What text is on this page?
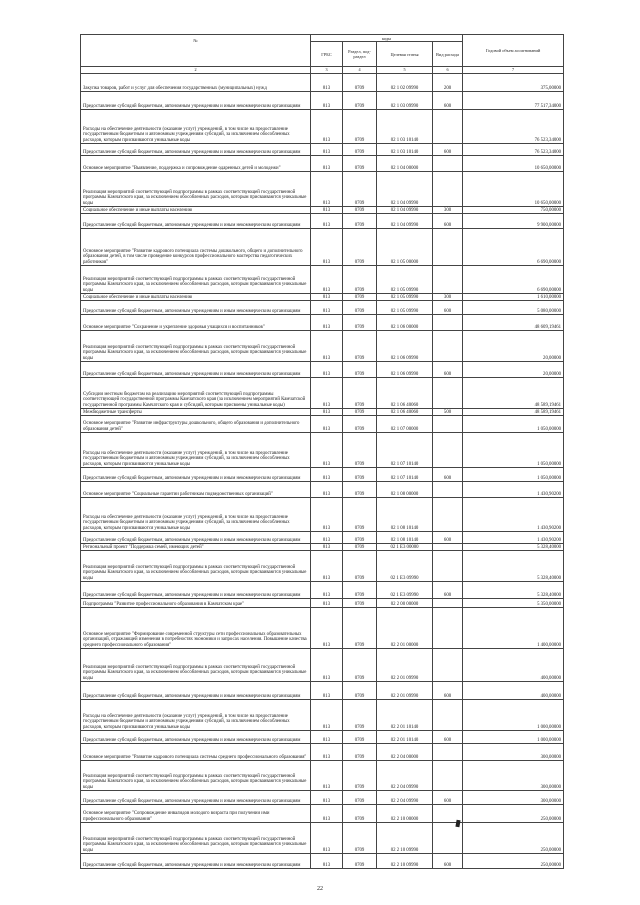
№	коды				Годовой объем ассигнований
	ГРБС	Раздел, под-раздел	Целевая статья	Вид расхода	
2	3	4	5	6	7
Закупка товаров, работ и услуг для обеспечения государственных (муниципальных) нужд	813	0709	02 1 02 09990	200	375,00000
Предоставление субсидий бюджетным, автономным учреждениям и иным некоммерческим организациям	813	0709	02 1 03 09990	600	77 517,34000
Расходы на обеспечение деятельности (оказание услуг) учреждений, в том числе на предоставление государственным бюджетным и автономным учреждениям субсидий, за исключением обособленных расходов, которым присваиваются уникальные коды	813	0709	02 1 03 10140		76 523,34000
Предоставление субсидий бюджетным, автономным учреждениям и иным некоммерческим организациям	813	0709	02 1 03 10140	600	76 523,34000
Основное мероприятие "Выявление, поддержка и сопровождение одаренных детей и молодежи"	813	0709	02 1 04 00000		10 650,00000
Реализация мероприятий соответствующей подпрограммы в рамках соответствующей государственной программы Камчатского края, за исключением обособленных расходов, которым присваиваются уникальные коды	813	0709	02 1 04 09990		10 650,00000
Социальное обеспечение и иные выплаты населению	813	0709	02 1 04 09990	300	750,00000
Предоставление субсидий бюджетным, автономным учреждениям и иным некоммерческим организациям	813	0709	02 1 04 09990	600	9 900,00000
Основное мероприятие "Развитие кадрового потенциала системы дошкольного, общего и дополнительного образования детей, в том числе проведение конкурсов профессионального мастерства педагогических работников"	813	0709	02 1 05 00000		6 690,00000
Реализация мероприятий соответствующей подпрограммы в рамках соответствующей государственной программы Камчатского края, за исключением обособленных расходов, которым присваиваются уникальные коды	813	0709	02 1 05 09990		6 690,00000
Социальное обеспечение и иные выплаты населению	813	0709	02 1 05 09990	300	1 610,00000
Предоставление субсидий бюджетным, автономным учреждениям и иным некоммерческим организациям	813	0709	02 1 05 09990	600	5 080,00000
Основное мероприятие "Сохранение и укрепление здоровья учащихся и воспитанников"	813	0709	02 1 06 00000		48 609,19461
Реализация мероприятий соответствующей подпрограммы в рамках соответствующей государственной программы Камчатского края, за исключением обособленных расходов, которым присваиваются уникальные коды	813	0709	02 1 06 09990		20,00000
Предоставление субсидий бюджетным, автономным учреждениям и иным некоммерческим организациям	813	0709	02 1 06 09990	600	20,00000
Субсидии местным бюджетам на реализацию мероприятий соответствующей подпрограммы соответствующей государственной программы Камчатского края (за исключением мероприятий Камчатской государственной программы Камчатского края и субсидий, которым присвоены уникальные коды)	813	0709	02 1 06 40060		48 589,19461
Межбюджетные трансферты	813	0709	02 1 06 40060	500	48 589,19461
Основное мероприятие "Развитие инфраструктуры дошкольного, общего образования и дополнительного образования детей"	813	0709	02 1 07 00000		1 050,00000
Расходы на обеспечение деятельности (оказание услуг) учреждений, в том числе на предоставление государственным бюджетным и автономным учреждениям субсидий, за исключением обособленных расходов, которым присваиваются уникальные коды	813	0709	02 1 07 10140		1 050,00000
Предоставление субсидий бюджетным, автономным учреждениям и иным некоммерческим организациям	813	0709	02 1 07 10140	600	1 050,00000
Основное мероприятие "Социальные гарантии работникам подведомственных организаций"	813	0709	02 1 08 00000		1 430,90200
Расходы на обеспечение деятельности (оказание услуг) учреждений, в том числе на предоставление государственным бюджетным и автономным учреждениям субсидий, за исключением обособленных расходов, которым присваиваются уникальные коды	813	0709	02 1 08 10140		1 430,90200
Предоставление субсидий бюджетным, автономным учреждениям и иным некоммерческим организациям	813	0709	02 1 08 10140	600	1 430,90200
Региональный проект "Поддержка семей, имеющих детей"	813	0709	02 1 Е3 00000		5 328,40000
Реализация мероприятий соответствующей подпрограммы в рамках соответствующей государственной программы Камчатского края, за исключением обособленных расходов, которым присваиваются уникальные коды	813	0709	02 1 Е3 09990		5 328,40000
Предоставление субсидий бюджетным, автономным учреждениям и иным некоммерческим организациям	813	0709	02 1 Е3 09990	600	5 328,40000
Подпрограмма "Развитие профессионального образования в Камчатском крае"	813	0709	02 2 00 00000		5 350,00000
Основное мероприятие "Формирование современной структуры сети профессиональных образовательных организаций, отражающей изменения в потребностях экономики и запросах населения. Повышение качества среднего профессионального образования"	813	0709	02 2 01 00000		1 400,00000
Реализация мероприятий соответствующей подпрограммы в рамках соответствующей государственной программы Камчатского края, за исключением обособленных расходов, которым присваиваются уникальные коды	813	0709	02 2 01 09990		400,00000
Предоставление субсидий бюджетным, автономным учреждениям и иным некоммерческим организациям	813	0709	02 2 01 09990	600	400,00000
Расходы на обеспечение деятельности (оказание услуг) учреждений, в том числе на предоставление государственным бюджетным и автономным учреждениям субсидий, за исключением обособленных расходов, которым присваиваются уникальные коды	813	0709	02 2 01 10140		1 000,00000
Предоставление субсидий бюджетным, автономным учреждениям и иным некоммерческим организациям	813	0709	02 2 01 10140	600	1 000,00000
Основное мероприятие "Развитие кадрового потенциала системы среднего профессионального образования"	813	0709	02 2 04 00000		300,00000
Реализация мероприятий соответствующей подпрограммы в рамках соответствующей государственной программы Камчатского края, за исключением обособленных расходов, которым присваиваются уникальные коды	813	0709	02 2 04 09990		300,00000
Предоставление субсидий бюджетным, автономным учреждениям и иным некоммерческим организациям	813	0709	02 2 04 09990	600	300,00000
Основное мероприятие "Сопровождение инвалидов молодого возраста при получении ими профессионального образования"	813	0709	02 2 10 00000		250,00000
Реализация мероприятий соответствующей подпрограммы в рамках соответствующей государственной программы Камчатского края, за исключением обособленных расходов, которым присваиваются уникальные коды	813	0709	02 2 10 09990		250,00000
Предоставление субсидий бюджетным, автономным учреждениям и иным некоммерческим организациям	813	0709	02 2 10 09990	600	250,00000
22
